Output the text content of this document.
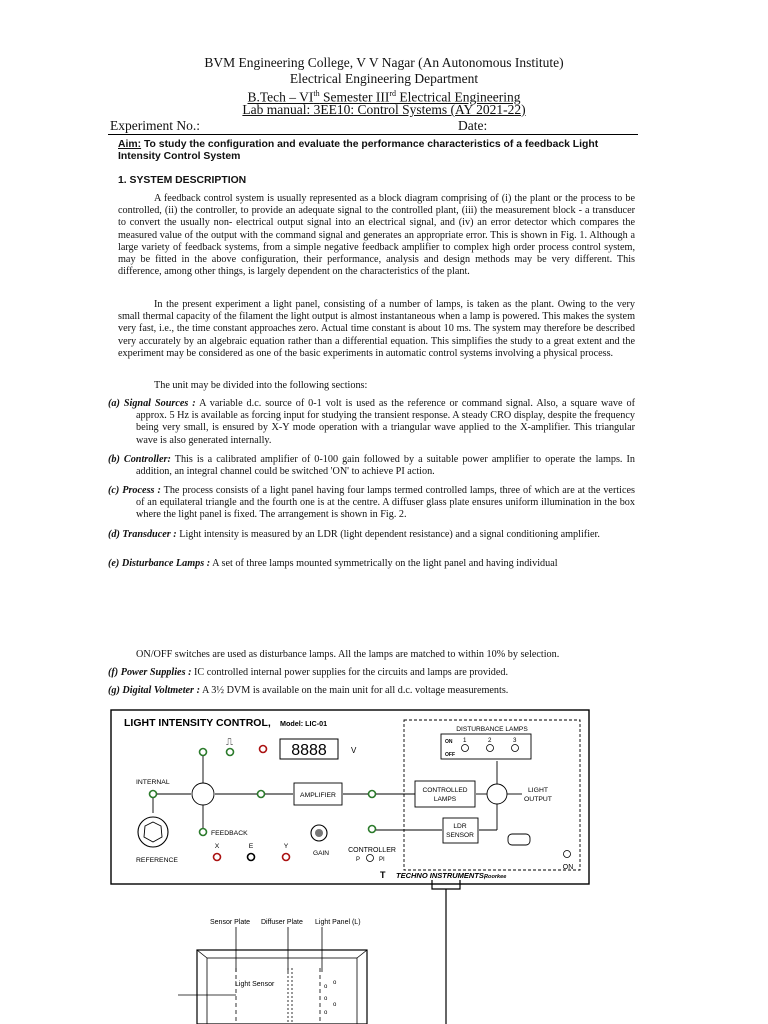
BVM Engineering College, V V Nagar (An Autonomous Institute)
Electrical Engineering Department
B.Tech – VIth Semester IIIrd Electrical Engineering
Lab manual: 3EE10: Control Systems (AY 2021-22)
Experiment No.:	Date:
Aim: To study the configuration and evaluate the performance characteristics of a feedback Light Intensity Control System
1. SYSTEM DESCRIPTION
A feedback control system is usually represented as a block diagram comprising of (i) the plant or the process to be controlled, (ii) the controller, to provide an adequate signal to the controlled plant, (iii) the measurement block - a transducer to convert the usually non- electrical output signal into an electrical signal, and (iv) an error detector which compares the measured value of the output with the command signal and generates an appropriate error. This is shown in Fig. 1. Although a large variety of feedback systems, from a simple negative feedback amplifier to complex high order process control system, may be fitted in the above configuration, their performance, analysis and design methods may be very different. This difference, among other things, is largely dependent on the characteristics of the plant.
In the present experiment a light panel, consisting of a number of lamps, is taken as the plant. Owing to the very small thermal capacity of the filament the light output is almost instantaneous when a lamp is powered. This makes the system very fast, i.e., the time constant approaches zero. Actual time constant is about 10 ms. The system may therefore be described very accurately by an algebraic equation rather than a differential equation. This simplifies the study to a great extent and the experiment may be considered as one of the basic experiments in automatic control systems involving a physical process.
The unit may be divided into the following sections:
(a) Signal Sources : A variable d.c. source of 0-1 volt is used as the reference or command signal. Also, a square wave of approx. 5 Hz is available as forcing input for studying the transient response. A steady CRO display, despite the frequency being very small, is ensured by X-Y mode operation with a triangular wave applied to the X-amplifier. This triangular wave is also generated internally.
(b) Controller: This is a calibrated amplifier of 0-100 gain followed by a suitable power amplifier to operate the lamps. In addition, an integral channel could be switched 'ON' to achieve PI action.
(c) Process : The process consists of a light panel having four lamps termed controlled lamps, three of which are at the vertices of an equilateral triangle and the fourth one is at the centre. A diffuser glass plate ensures uniform illumination in the box where the light panel is fixed. The arrangement is shown in Fig. 2.
(d) Transducer : Light intensity is measured by an LDR (light dependent resistance) and a signal conditioning amplifier.
(e) Disturbance Lamps : A set of three lamps mounted symmetrically on the light panel and having individual
ON/OFF switches are used as disturbance lamps. All the lamps are matched to within 10% by selection.
(f) Power Supplies : IC controlled internal power supplies for the circuits and lamps are provided.
(g) Digital Voltmeter : A 3½ DVM is available on the main unit for all d.c. voltage measurements.
LIGHT INTENSITY CONTROL, Model: LIC-01
DISTURBANCE LAMPS
ON
OFF
1	2	3
8888	V
⎍
AMPLIFIER
CONTROLLED
LAMPS
LIGHT
OUTPUT
LDR
SENSOR
INTERNAL
REFERENCE
FEEDBACK
X	E	Y
GAIN	CONTROLLER
P	PI
T TECHNO INSTRUMENTS,
Roorkee
ON
Sensor Plate Diffuser Plate Light Panel (L)
Light Sensor	o
o
o
o
o
